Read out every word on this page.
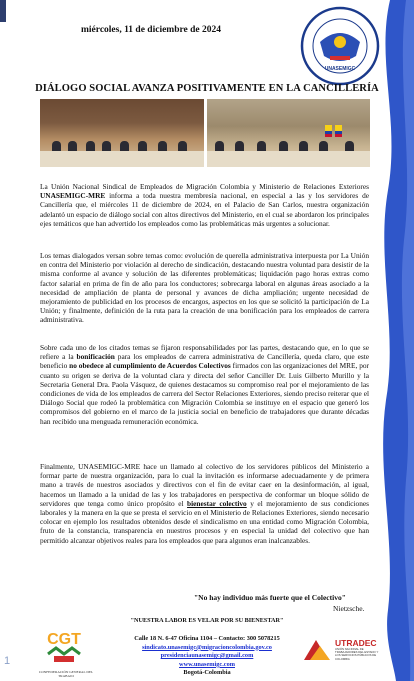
miércoles, 11 de diciembre de 2024
UNASEMIGC
DIÁLOGO SOCIAL AVANZA POSITIVAMENTE EN LA CANCILLERÍA
La Unión Nacional Sindical de Empleados de Migración Colombia y Ministerio de Relaciones Exteriores UNASEMIGC-MRE informa a toda nuestra membresía nacional, en especial a las y los servidores de Cancillería que, el miércoles 11 de diciembre de 2024, en el Palacio de San Carlos, nuestra organización adelantó un espacio de diálogo social con altos directivos del Ministerio, en el cual se abordaron los principales ejes temáticos que han advertido los empleados como las problemáticas más urgentes a solucionar.
Los temas dialogados versan sobre temas como: evolución de querella administrativa interpuesta por La Unión en contra del Ministerio por violación al derecho de sindicación, destacando nuestra voluntad para desistir de la misma conforme al avance y solución de las diferentes problemáticas; liquidación pago horas extras como factor salarial en prima de fin de año para los conductores; sobrecarga laboral en algunas áreas asociado a la necesidad de ampliación de planta de personal y avances de dicha ampliación; urgente necesidad de mejoramiento de publicidad en los procesos de encargos, aspectos en los que se solicitó la participación de La Unión; y finalmente, definición de la ruta para la creación de una bonificación para los empleados de carrera administrativa.
Sobre cada uno de los citados temas se fijaron responsabilidades por las partes, destacando que, en lo que se refiere a la bonificación para los empleados de carrera administrativa de Cancillería, queda claro, que este beneficio no obedece al cumplimiento de Acuerdos Colectivos firmados con las organizaciones del MRE, por cuanto su origen se deriva de la voluntad clara y directa del señor Canciller Dr. Luis Gilberto Murillo y la Secretaria General Dra. Paola Vásquez, de quienes destacamos su compromiso real por el mejoramiento de las condiciones de vida de los empleados de carrera del Sector Relaciones Exteriores, siendo preciso reiterar que el Diálogo Social que rodeó la problemática con Migración Colombia se instituye en el espacio que generó los compromisos del gobierno en el marco de la justicia social en beneficio de trabajadores que durante décadas han recibido una menguada remuneración económica.
Finalmente, UNASEMIGC-MRE hace un llamado al colectivo de los servidores públicos del Ministerio a formar parte de nuestra organización, para lo cual la invitación es informarse adecuadamente y de primera mano a través de nuestros asociados y directivos con el fin de evitar caer en la desinformación, al igual, hacemos un llamado a la unidad de las y los trabajadores en perspectiva de conformar un bloque sólido de servidores que tenga como único propósito el bienestar colectivo y el mejoramiento de sus condiciones laborales y la manera en la que se presta el servicio en el Ministerio de Relaciones Exteriores, siendo necesario colocar en ejemplo los resultados obtenidos desde el sindicalismo en una entidad como Migración Colombia, fruto de la constancia, transparencia en nuestros procesos y en especial la unidad del colectivo que han permitido alcanzar objetivos reales para los empleados que para algunos eran inalcanzables.
"No hay individuo más fuerte que el Colectivo"
Nietzsche.
"NUESTRA LABOR ES VELAR POR SU BIENESTAR"
CGT
CONFEDERACIÓN GENERAL DEL TRABAJO
Calle 18 N. 6-47 Oficina 1104 – Contacto: 300 5078215
sindicato.unasemigc@migracioncolombia.gov.co
presidenciaunasemigc@gmail.com
www.unasemigc.com
Bogotá-Colombia
UTRADEC
UNIÓN NACIONAL DE TRABAJADORES DEL ESTADO Y LOS SERVICIOS PÚBLICOS DE COLOMBIA
1
